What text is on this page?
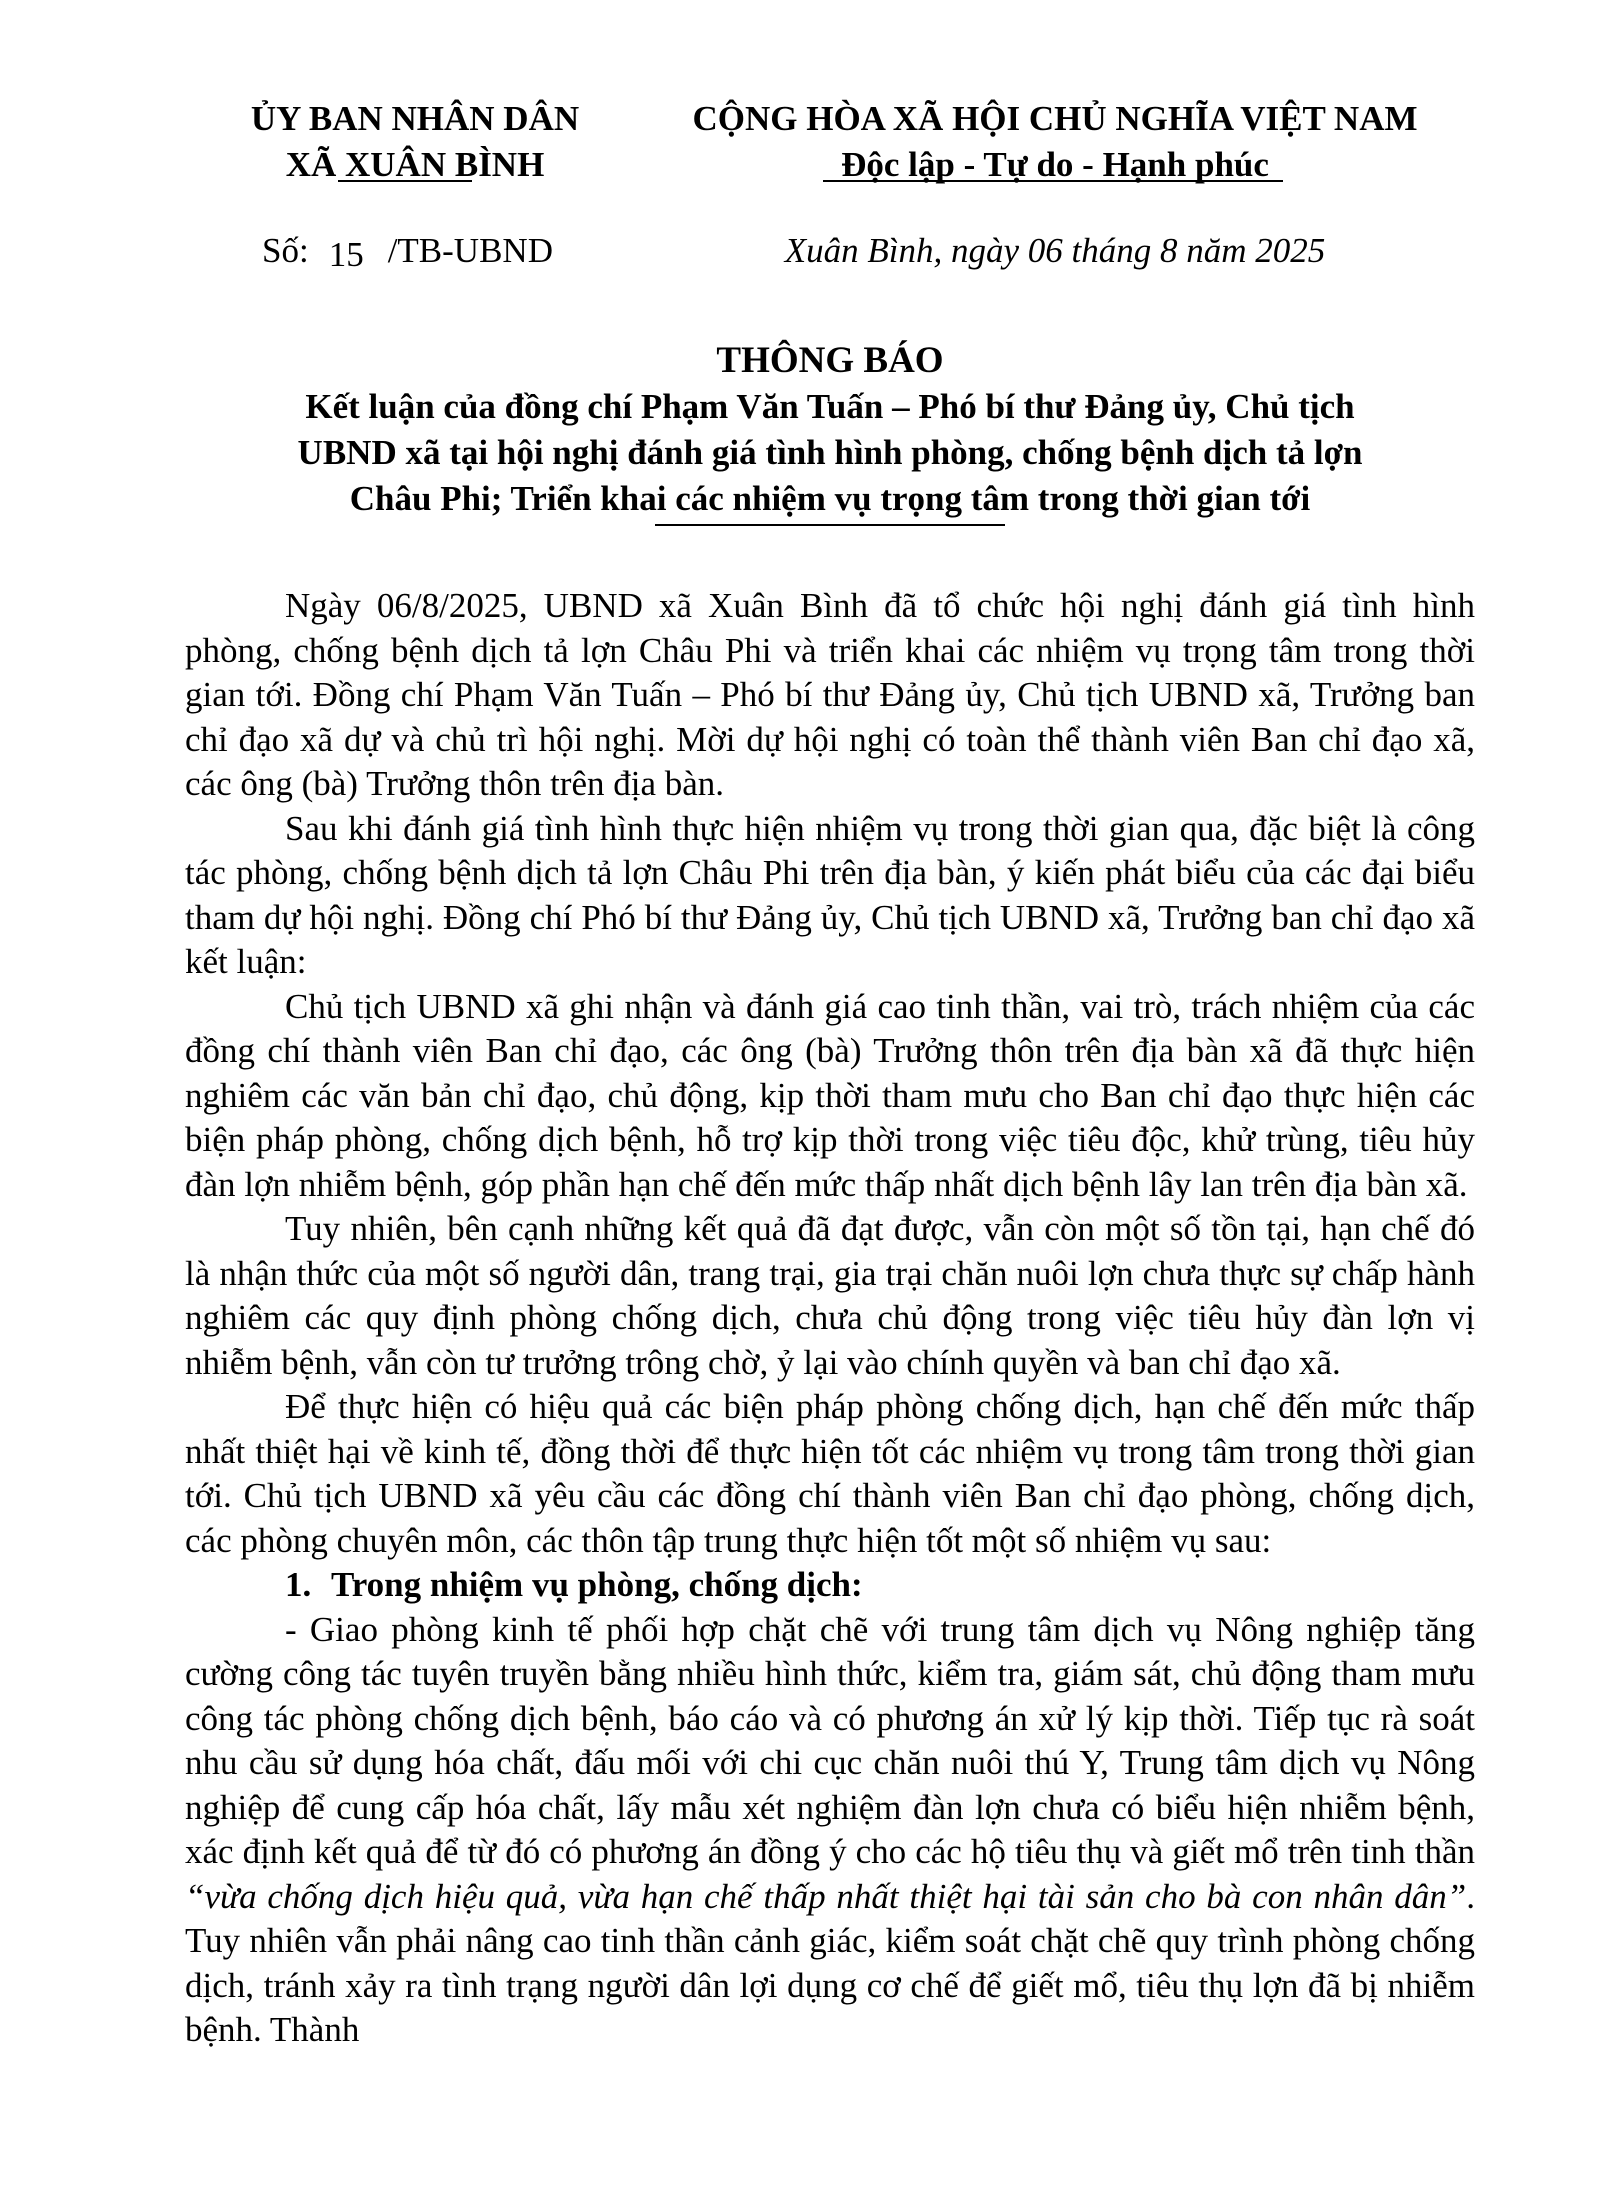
ỦY BAN NHÂN DÂN
XÃ XUÂN BÌNH
CỘNG HÒA XÃ HỘI CHỦ NGHĨA VIỆT NAM
Độc lập - Tự do - Hạnh phúc
Số: 15 /TB-UBND	Xuân Bình, ngày 06 tháng 8 năm 2025
THÔNG BÁO
Kết luận của đồng chí Phạm Văn Tuấn – Phó bí thư Đảng ủy, Chủ tịch
UBND xã tại hội nghị đánh giá tình hình phòng, chống bệnh dịch tả lợn
Châu Phi; Triển khai các nhiệm vụ trọng tâm trong thời gian tới

Ngày 06/8/2025, UBND xã Xuân Bình đã tổ chức hội nghị đánh giá tình hình phòng, chống bệnh dịch tả lợn Châu Phi và triển khai các nhiệm vụ trọng tâm trong thời gian tới. Đồng chí Phạm Văn Tuấn – Phó bí thư Đảng ủy, Chủ tịch UBND xã, Trưởng ban chỉ đạo xã dự và chủ trì hội nghị. Mời dự hội nghị có toàn thể thành viên Ban chỉ đạo xã, các ông (bà) Trưởng thôn trên địa bàn.

Sau khi đánh giá tình hình thực hiện nhiệm vụ trong thời gian qua, đặc biệt là công tác phòng, chống bệnh dịch tả lợn Châu Phi trên địa bàn, ý kiến phát biểu của các đại biểu tham dự hội nghị. Đồng chí Phó bí thư Đảng ủy, Chủ tịch UBND xã, Trưởng ban chỉ đạo xã kết luận:

Chủ tịch UBND xã ghi nhận và đánh giá cao tinh thần, vai trò, trách nhiệm của các đồng chí thành viên Ban chỉ đạo, các ông (bà) Trưởng thôn trên địa bàn xã đã thực hiện nghiêm các văn bản chỉ đạo, chủ động, kịp thời tham mưu cho Ban chỉ đạo thực hiện các biện pháp phòng, chống dịch bệnh, hỗ trợ kịp thời trong việc tiêu độc, khử trùng, tiêu hủy đàn lợn nhiễm bệnh, góp phần hạn chế đến mức thấp nhất dịch bệnh lây lan trên địa bàn xã.

Tuy nhiên, bên cạnh những kết quả đã đạt được, vẫn còn một số tồn tại, hạn chế đó là nhận thức của một số người dân, trang trại, gia trại chăn nuôi lợn chưa thực sự chấp hành nghiêm các quy định phòng chống dịch, chưa chủ động trong việc tiêu hủy đàn lợn vị nhiễm bệnh, vẫn còn tư trưởng trông chờ, ỷ lại vào chính quyền và ban chỉ đạo xã.

Để thực hiện có hiệu quả các biện pháp phòng chống dịch, hạn chế đến mức thấp nhất thiệt hại về kinh tế, đồng thời để thực hiện tốt các nhiệm vụ trong tâm trong thời gian tới. Chủ tịch UBND xã yêu cầu các đồng chí thành viên Ban chỉ đạo phòng, chống dịch, các phòng chuyên môn, các thôn tập trung thực hiện tốt một số nhiệm vụ sau:

1. Trong nhiệm vụ phòng, chống dịch:

- Giao phòng kinh tế phối hợp chặt chẽ với trung tâm dịch vụ Nông nghiệp tăng cường công tác tuyên truyền bằng nhiều hình thức, kiểm tra, giám sát, chủ động tham mưu công tác phòng chống dịch bệnh, báo cáo và có phương án xử lý kịp thời. Tiếp tục rà soát nhu cầu sử dụng hóa chất, đấu mối với chi cục chăn nuôi thú Y, Trung tâm dịch vụ Nông nghiệp để cung cấp hóa chất, lấy mẫu xét nghiệm đàn lợn chưa có biểu hiện nhiễm bệnh, xác định kết quả để từ đó có phương án đồng ý cho các hộ tiêu thụ và giết mổ trên tinh thần “vừa chống dịch hiệu quả, vừa hạn chế thấp nhất thiệt hại tài sản cho bà con nhân dân”. Tuy nhiên vẫn phải nâng cao tinh thần cảnh giác, kiểm soát chặt chẽ quy trình phòng chống dịch, tránh xảy ra tình trạng người dân lợi dụng cơ chế để giết mổ, tiêu thụ lợn đã bị nhiễm bệnh. Thành
